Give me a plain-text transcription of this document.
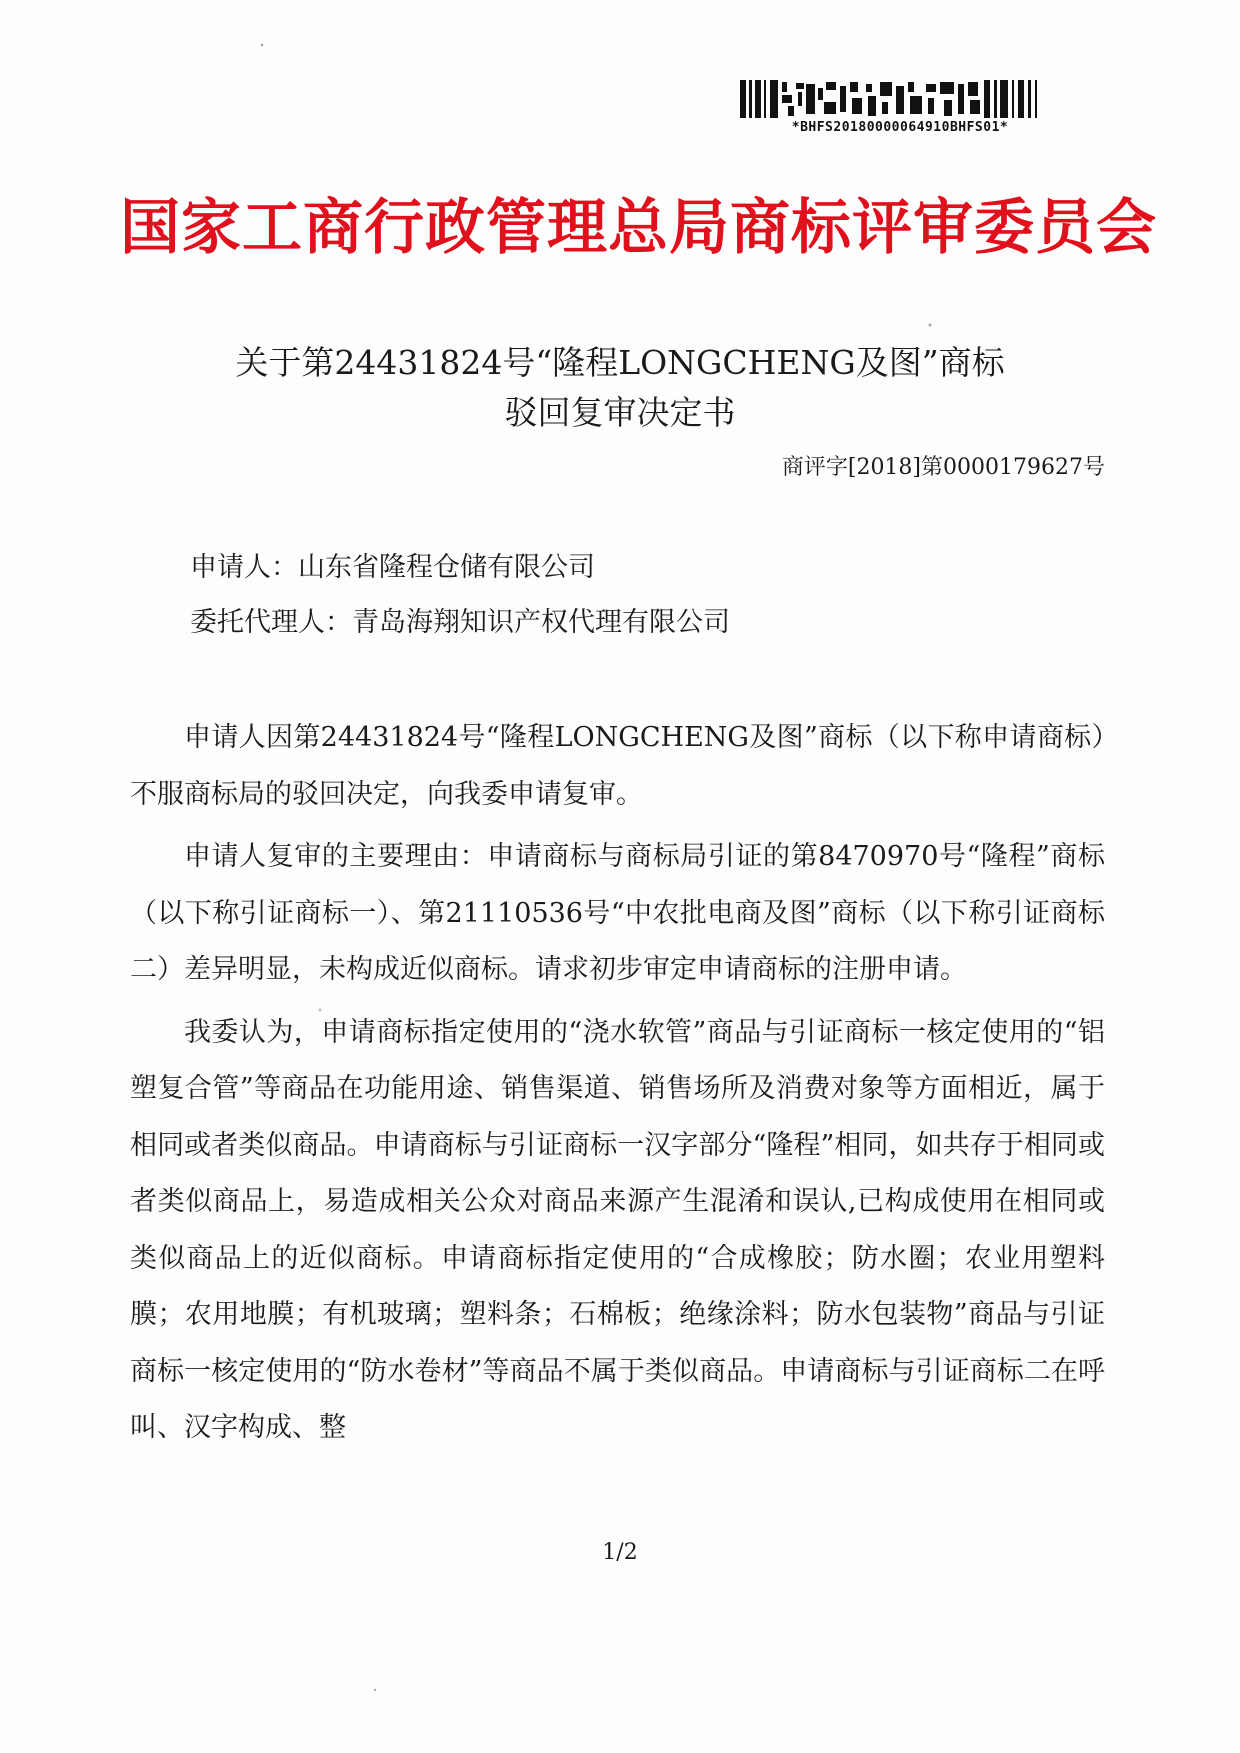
*BHFS20180000064910BHFS01*
国家工商行政管理总局商标评审委员会
关于第24431824号“隆程LONGCHENG及图”商标
驳回复审决定书
商评字[2018]第0000179627号
申请人：山东省隆程仓储有限公司
委托代理人：青岛海翔知识产权代理有限公司

申请人因第24431824号“隆程LONGCHENG及图”商标（以下称申请商标）不服商标局的驳回决定，向我委申请复审。

申请人复审的主要理由：申请商标与商标局引证的第8470970号“隆程”商标（以下称引证商标一）、第21110536号“中农批电商及图”商标（以下称引证商标二）差异明显，未构成近似商标。请求初步审定申请商标的注册申请。

我委认为，申请商标指定使用的“浇水软管”商品与引证商标一核定使用的“铝塑复合管”等商品在功能用途、销售渠道、销售场所及消费对象等方面相近，属于相同或者类似商品。申请商标与引证商标一汉字部分“隆程”相同，如共存于相同或者类似商品上，易造成相关公众对商品来源产生混淆和误认,已构成使用在相同或类似商品上的近似商标。申请商标指定使用的“合成橡胶；防水圈；农业用塑料膜；农用地膜；有机玻璃；塑料条；石棉板；绝缘涂料；防水包装物”商品与引证商标一核定使用的“防水卷材”等商品不属于类似商品。申请商标与引证商标二在呼叫、汉字构成、整

1/2
